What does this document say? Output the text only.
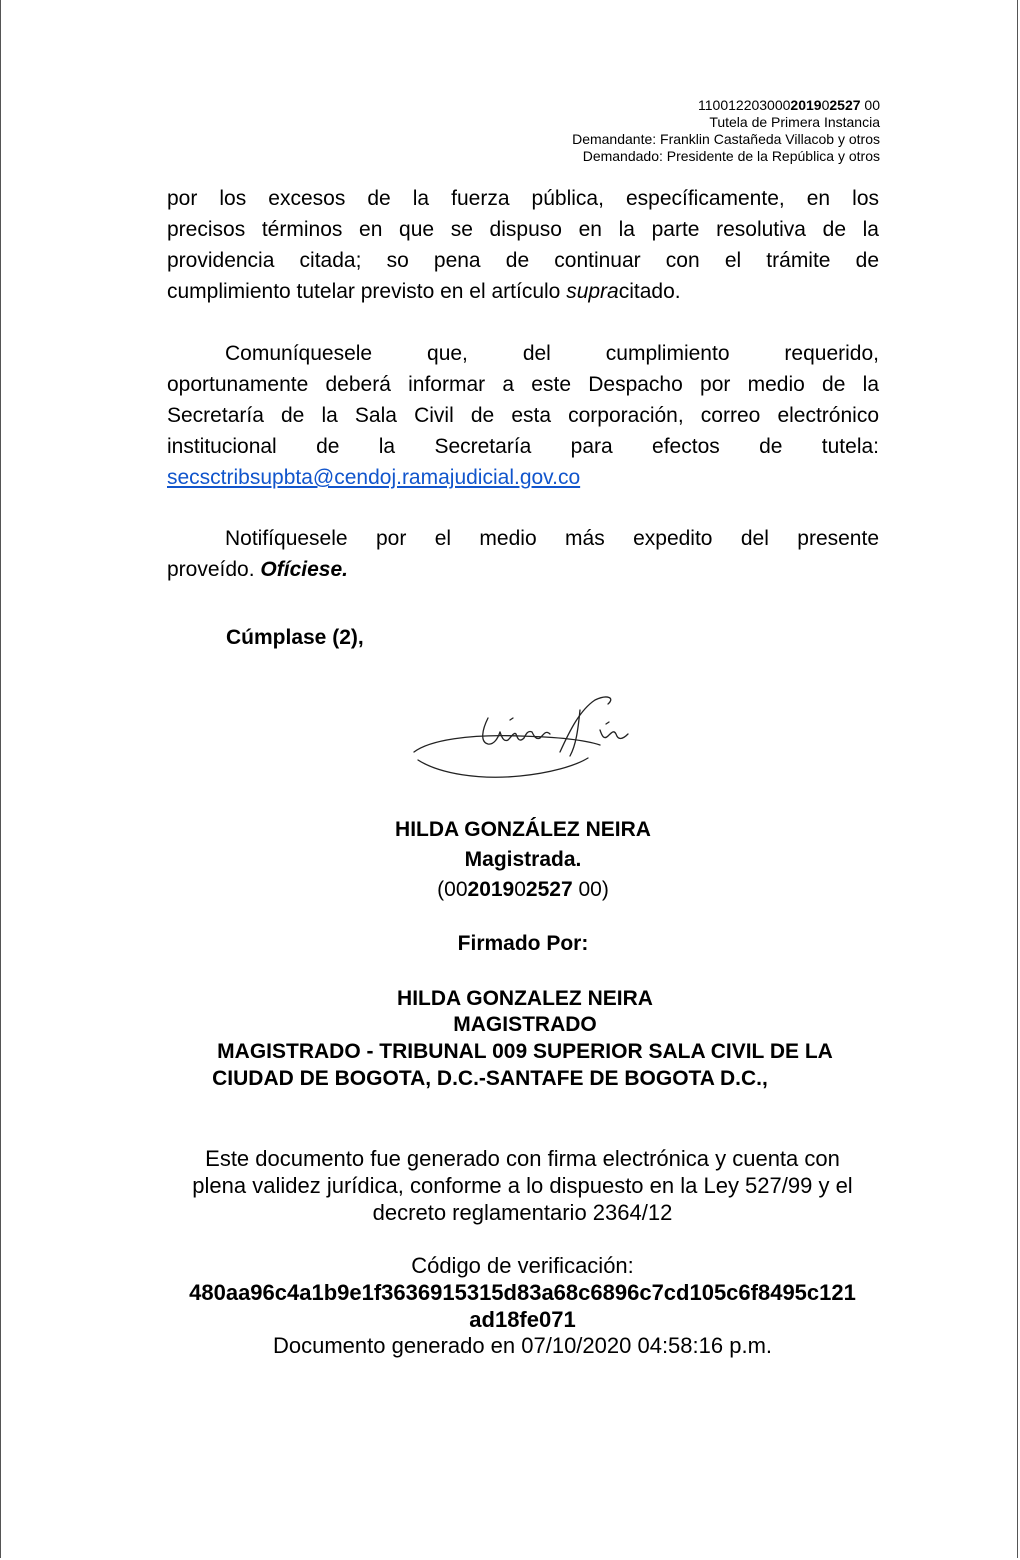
110012203000201902527 00
Tutela de Primera Instancia
Demandante: Franklin Castañeda Villacob y otros
Demandado: Presidente de la República y otros
por los excesos de la fuerza pública, específicamente, en los
precisos términos en que se dispuso en la parte resolutiva de la
providencia citada; so pena de continuar con el trámite de
cumplimiento tutelar previsto en el artículo supracitado.
Comuníquesele que, del cumplimiento requerido,
oportunamente deberá informar a este Despacho por medio de la
Secretaría de la Sala Civil de esta corporación, correo electrónico
institucional de la Secretaría para efectos de tutela:
secsctribsupbta@cendoj.ramajudicial.gov.co
Notifíquesele por el medio más expedito del presente
proveído. Ofíciese.
Cúmplase (2),
HILDA GONZÁLEZ NEIRA
Magistrada.
(00201902527 00)
Firmado Por:
HILDA GONZALEZ NEIRA
MAGISTRADO
MAGISTRADO - TRIBUNAL 009 SUPERIOR SALA CIVIL DE LA
CIUDAD DE BOGOTA, D.C.-SANTAFE DE BOGOTA D.C.,
Este documento fue generado con firma electrónica y cuenta con
plena validez jurídica, conforme a lo dispuesto en la Ley 527/99 y el
decreto reglamentario 2364/12
Código de verificación:
480aa96c4a1b9e1f3636915315d83a68c6896c7cd105c6f8495c121
ad18fe071
Documento generado en 07/10/2020 04:58:16 p.m.
